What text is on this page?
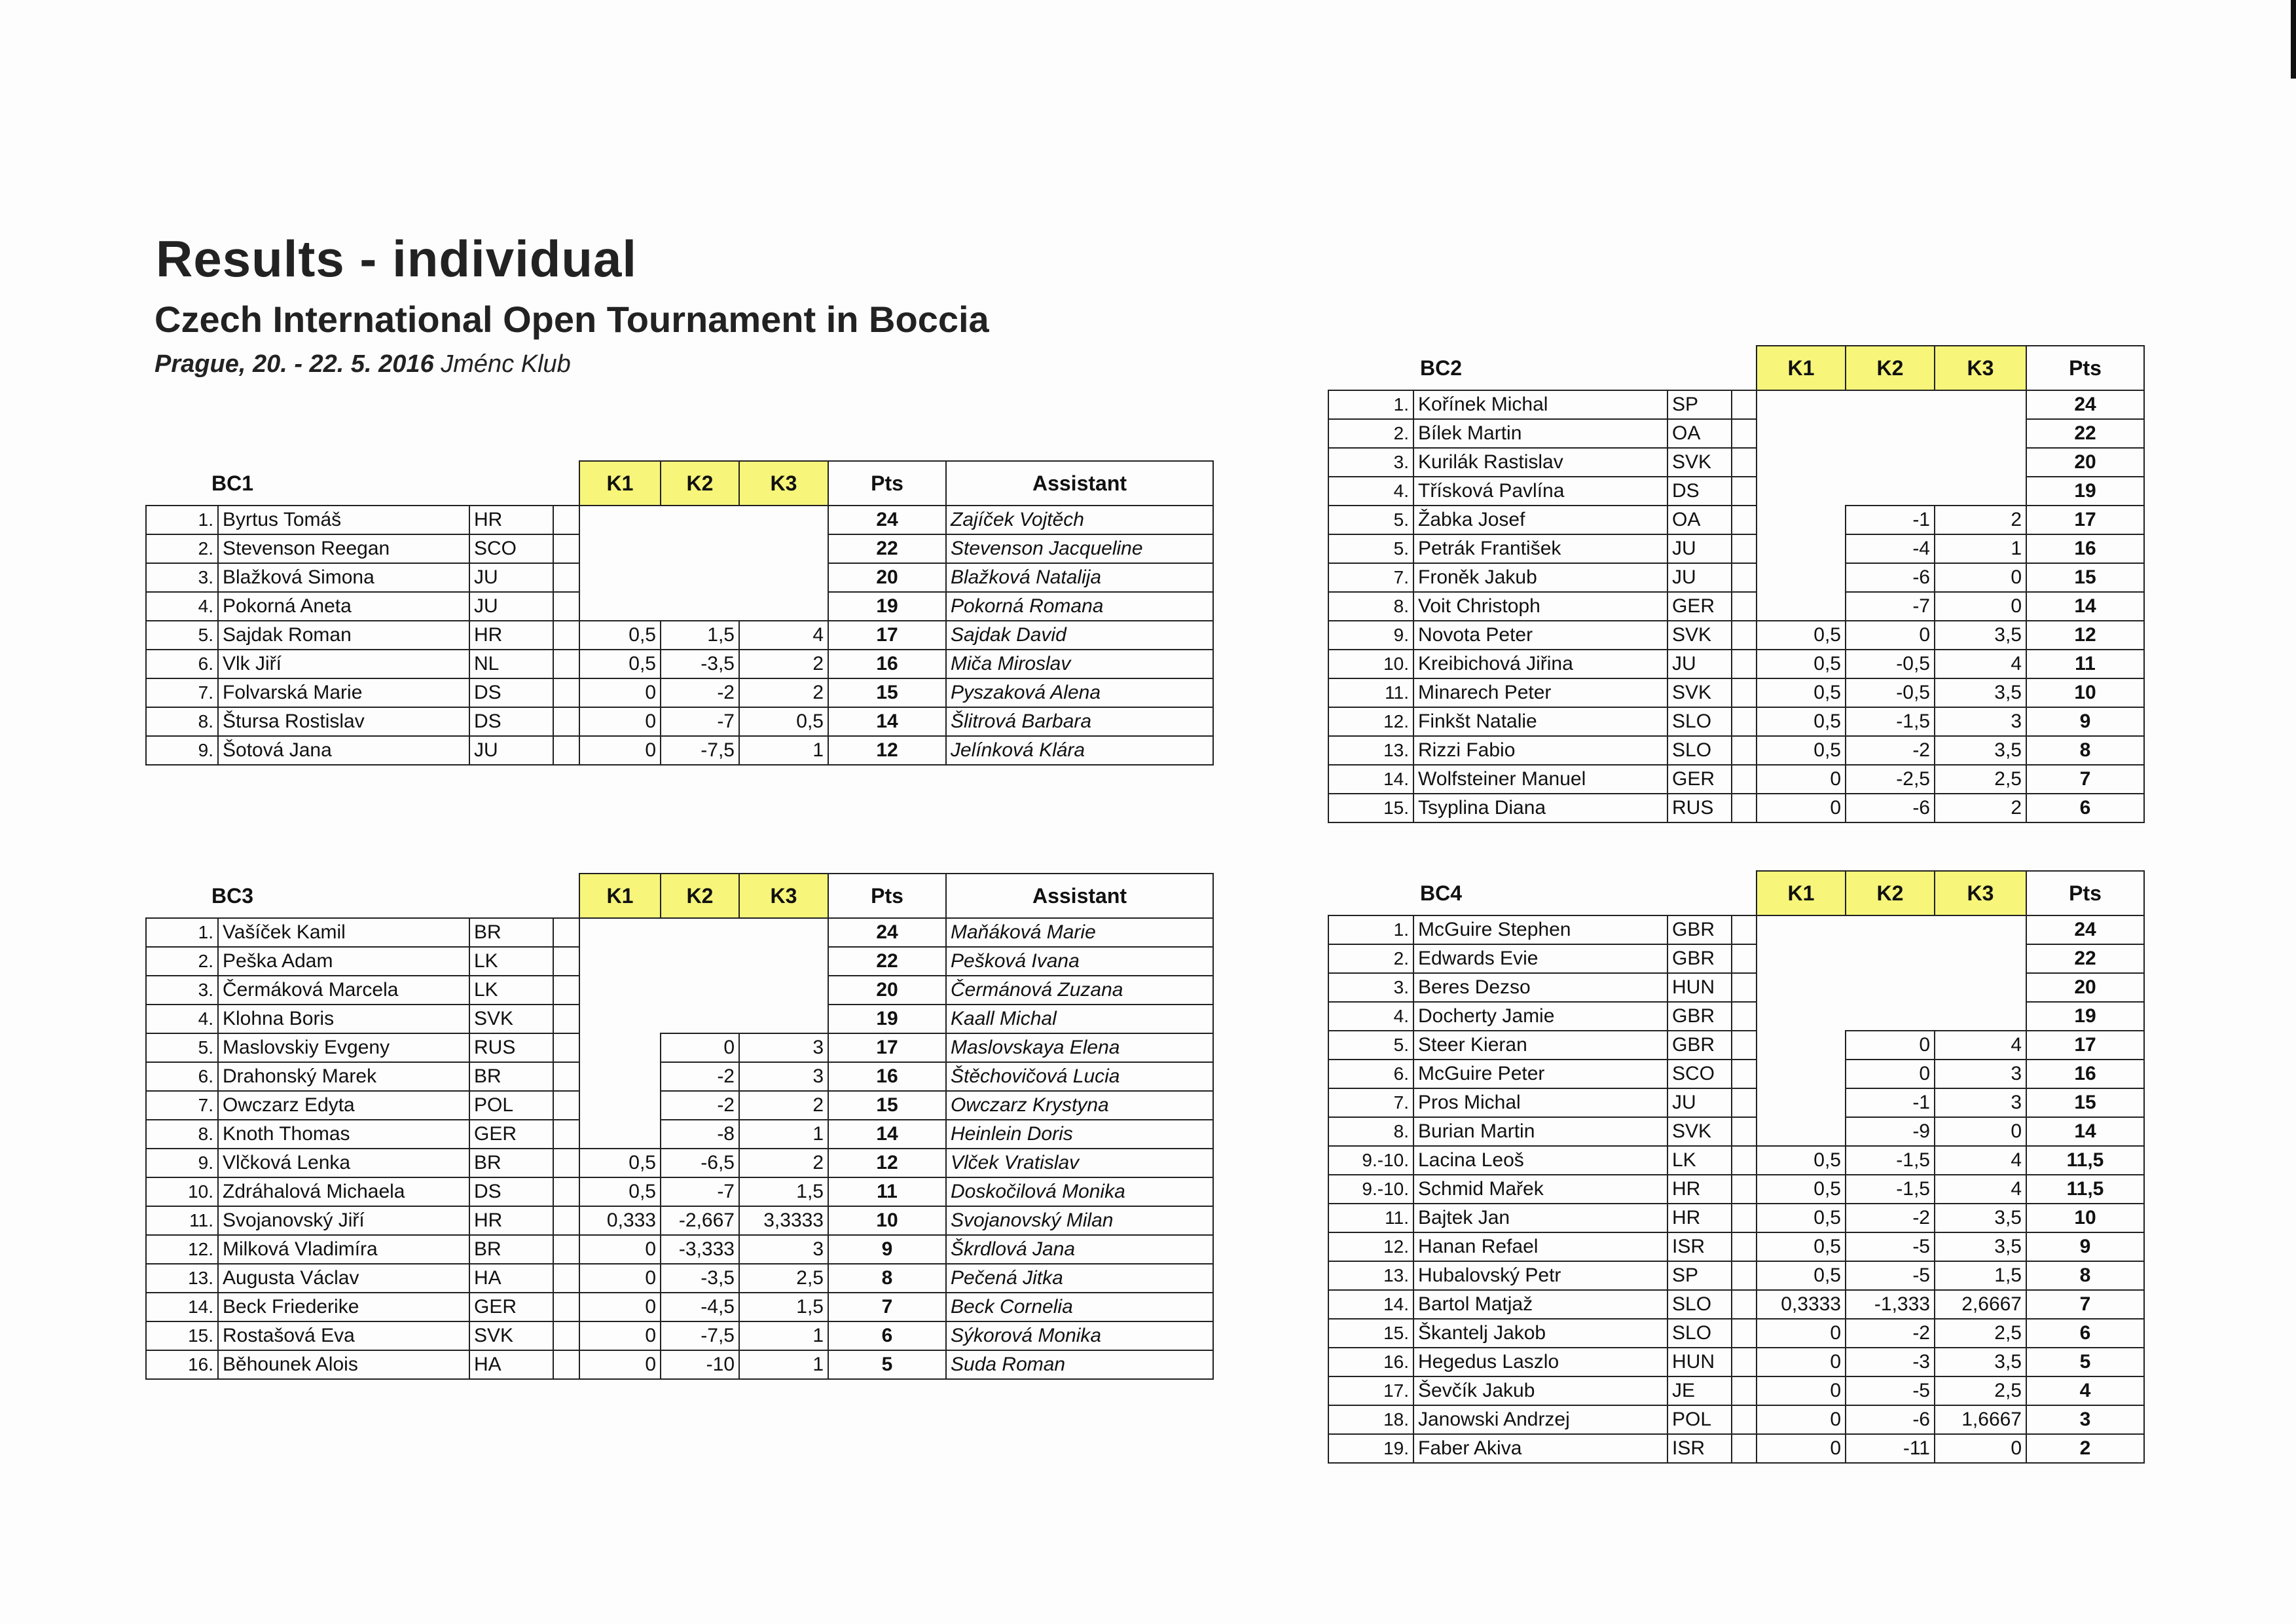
Results - individual
Czech International Open Tournament in Boccia
Prague, 20. - 22. 5. 2016 Jménc Klub
BC1				K1	K2	K3	Pts	Assistant
1.	Byrtus Tomáš	HR					24	Zajíček Vojtěch
2.	Stevenson Reegan	SCO					22	Stevenson Jacqueline
3.	Blažková Simona	JU					20	Blažková Natalija
4.	Pokorná Aneta	JU					19	Pokorná Romana
5.	Sajdak Roman	HR		0,5	1,5	4	17	Sajdak David
6.	Vlk Jiří	NL		0,5	-3,5	2	16	Miča Miroslav
7.	Folvarská Marie	DS		0	-2	2	15	Pyszaková Alena
8.	Štursa Rostislav	DS		0	-7	0,5	14	Šlitrová Barbara
9.	Šotová Jana	JU		0	-7,5	1	12	Jelínková Klára
BC3				K1	K2	K3	Pts	Assistant
1.	Vašíček Kamil	BR					24	Maňáková Marie
2.	Peška Adam	LK					22	Pešková Ivana
3.	Čermáková Marcela	LK					20	Čermánová Zuzana
4.	Klohna Boris	SVK					19	Kaall Michal
5.	Maslovskiy Evgeny	RUS			0	3	17	Maslovskaya Elena
6.	Drahonský Marek	BR			-2	3	16	Štěchovičová Lucia
7.	Owczarz Edyta	POL			-2	2	15	Owczarz Krystyna
8.	Knoth Thomas	GER			-8	1	14	Heinlein Doris
9.	Vlčková Lenka	BR		0,5	-6,5	2	12	Vlček Vratislav
10.	Zdráhalová Michaela	DS		0,5	-7	1,5	11	Doskočilová Monika
11.	Svojanovský Jiří	HR		0,333	-2,667	3,3333	10	Svojanovský Milan
12.	Milková Vladimíra	BR		0	-3,333	3	9	Škrdlová Jana
13.	Augusta Václav	HA		0	-3,5	2,5	8	Pečená Jitka
14.	Beck Friederike	GER		0	-4,5	1,5	7	Beck Cornelia
15.	Rostašová Eva	SVK		0	-7,5	1	6	Sýkorová Monika
16.	Běhounek Alois	HA		0	-10	1	5	Suda Roman
BC2				K1	K2	K3	Pts
1.	Kořínek Michal	SP					24
2.	Bílek Martin	OA					22
3.	Kurilák Rastislav	SVK					20
4.	Třísková Pavlína	DS					19
5.	Žabka Josef	OA			-1	2	17
5.	Petrák František	JU			-4	1	16
7.	Froněk Jakub	JU			-6	0	15
8.	Voit Christoph	GER			-7	0	14
9.	Novota Peter	SVK		0,5	0	3,5	12
10.	Kreibichová Jiřina	JU		0,5	-0,5	4	11
11.	Minarech Peter	SVK		0,5	-0,5	3,5	10
12.	Finkšt Natalie	SLO		0,5	-1,5	3	9
13.	Rizzi Fabio	SLO		0,5	-2	3,5	8
14.	Wolfsteiner Manuel	GER		0	-2,5	2,5	7
15.	Tsyplina Diana	RUS		0	-6	2	6
BC4				K1	K2	K3	Pts
1.	McGuire Stephen	GBR					24
2.	Edwards Evie	GBR					22
3.	Beres Dezso	HUN					20
4.	Docherty Jamie	GBR					19
5.	Steer Kieran	GBR			0	4	17
6.	McGuire Peter	SCO			0	3	16
7.	Pros Michal	JU			-1	3	15
8.	Burian Martin	SVK			-9	0	14
9.-10.	Lacina Leoš	LK		0,5	-1,5	4	11,5
9.-10.	Schmid Mařek	HR		0,5	-1,5	4	11,5
11.	Bajtek Jan	HR		0,5	-2	3,5	10
12.	Hanan Refael	ISR		0,5	-5	3,5	9
13.	Hubalovský Petr	SP		0,5	-5	1,5	8
14.	Bartol Matjaž	SLO		0,3333	-1,333	2,6667	7
15.	Škantelj Jakob	SLO		0	-2	2,5	6
16.	Hegedus Laszlo	HUN		0	-3	3,5	5
17.	Ševčík Jakub	JE		0	-5	2,5	4
18.	Janowski Andrzej	POL		0	-6	1,6667	3
19.	Faber Akiva	ISR		0	-11	0	2
